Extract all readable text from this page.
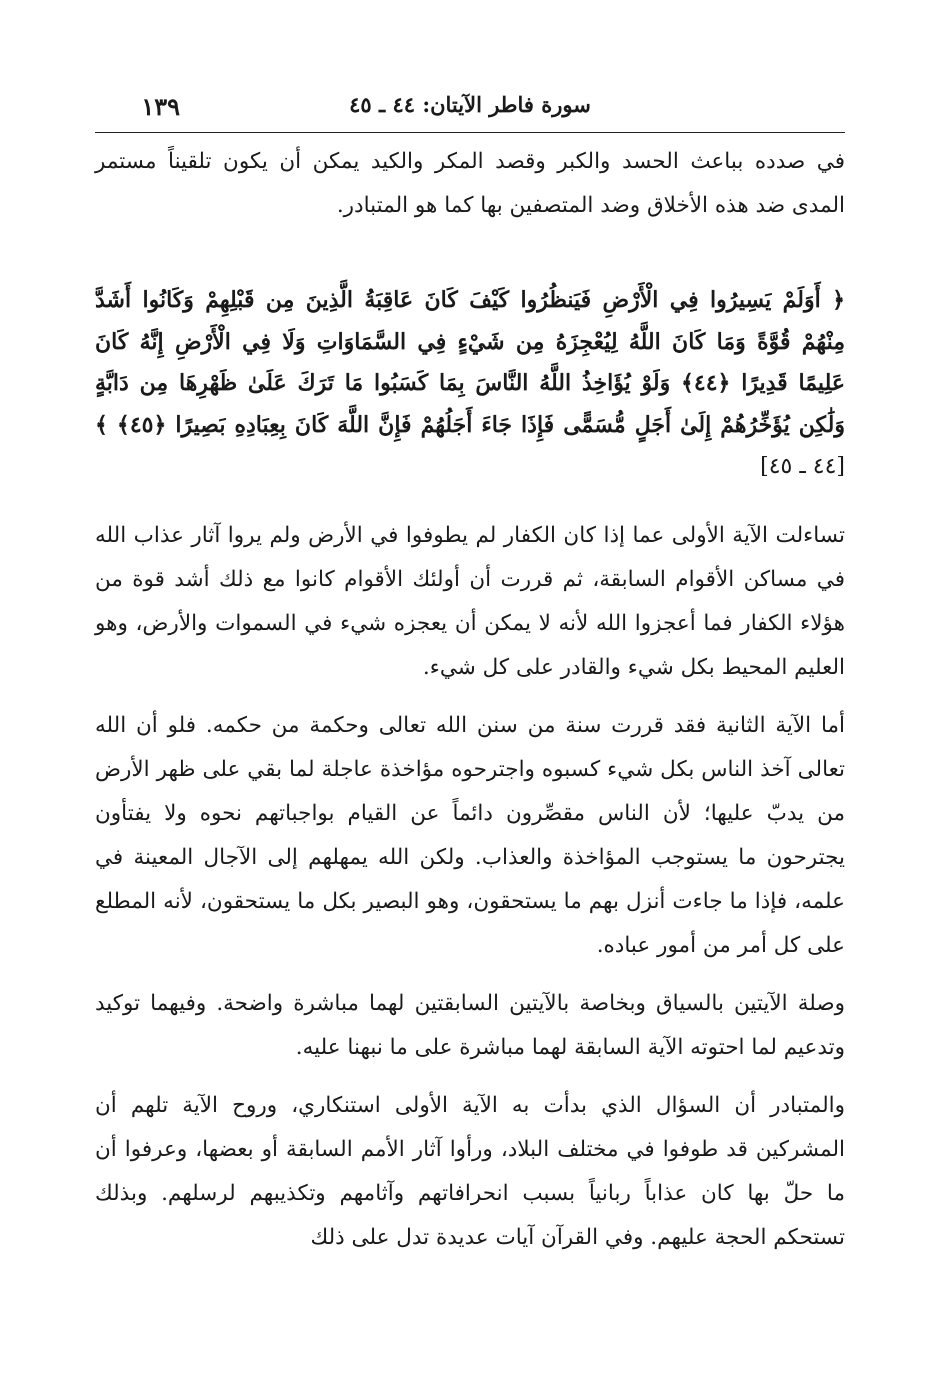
سورة فاطر الآيتان: ٤٤ ـ ٤٥
١٣٩

في صدده بباعث الحسد والكبر وقصد المكر والكيد يمكن أن يكون تلقيناً مستمر المدى ضد هذه الأخلاق وضد المتصفين بها كما هو المتبادر.

﴿ أَوَلَمْ يَسِيرُوا فِي الْأَرْضِ فَيَنظُرُوا كَيْفَ كَانَ عَاقِبَةُ الَّذِينَ مِن قَبْلِهِمْ وَكَانُوا أَشَدَّ مِنْهُمْ قُوَّةً وَمَا كَانَ اللَّهُ لِيُعْجِزَهُ مِن شَيْءٍ فِي السَّمَاوَاتِ وَلَا فِي الْأَرْضِ إِنَّهُ كَانَ عَلِيمًا قَدِيرًا ﴿٤٤﴾ وَلَوْ يُؤَاخِذُ اللَّهُ النَّاسَ بِمَا كَسَبُوا مَا تَرَكَ عَلَىٰ ظَهْرِهَا مِن دَابَّةٍ وَلَٰكِن يُؤَخِّرُهُمْ إِلَىٰ أَجَلٍ مُّسَمًّى فَإِذَا جَاءَ أَجَلُهُمْ فَإِنَّ اللَّهَ كَانَ بِعِبَادِهِ بَصِيرًا ﴿٤٥﴾ ﴾ [٤٤ ـ ٤٥]

تساءلت الآية الأولى عما إذا كان الكفار لم يطوفوا في الأرض ولم يروا آثار عذاب الله في مساكن الأقوام السابقة، ثم قررت أن أولئك الأقوام كانوا مع ذلك أشد قوة من هؤلاء الكفار فما أعجزوا الله لأنه لا يمكن أن يعجزه شيء في السموات والأرض، وهو العليم المحيط بكل شيء والقادر على كل شيء.

أما الآية الثانية فقد قررت سنة من سنن الله تعالى وحكمة من حكمه. فلو أن الله تعالى آخذ الناس بكل شيء كسبوه واجترحوه مؤاخذة عاجلة لما بقي على ظهر الأرض من يدبّ عليها؛ لأن الناس مقصِّرون دائماً عن القيام بواجباتهم نحوه ولا يفتأون يجترحون ما يستوجب المؤاخذة والعذاب. ولكن الله يمهلهم إلى الآجال المعينة في علمه، فإذا ما جاءت أنزل بهم ما يستحقون، وهو البصير بكل ما يستحقون، لأنه المطلع على كل أمر من أمور عباده.

وصلة الآيتين بالسياق وبخاصة بالآيتين السابقتين لهما مباشرة واضحة. وفيهما توكيد وتدعيم لما احتوته الآية السابقة لهما مباشرة على ما نبهنا عليه.

والمتبادر أن السؤال الذي بدأت به الآية الأولى استنكاري، وروح الآية تلهم أن المشركين قد طوفوا في مختلف البلاد، ورأوا آثار الأمم السابقة أو بعضها، وعرفوا أن ما حلّ بها كان عذاباً ربانياً بسبب انحرافاتهم وآثامهم وتكذيبهم لرسلهم. وبذلك تستحكم الحجة عليهم. وفي القرآن آيات عديدة تدل على ذلك
